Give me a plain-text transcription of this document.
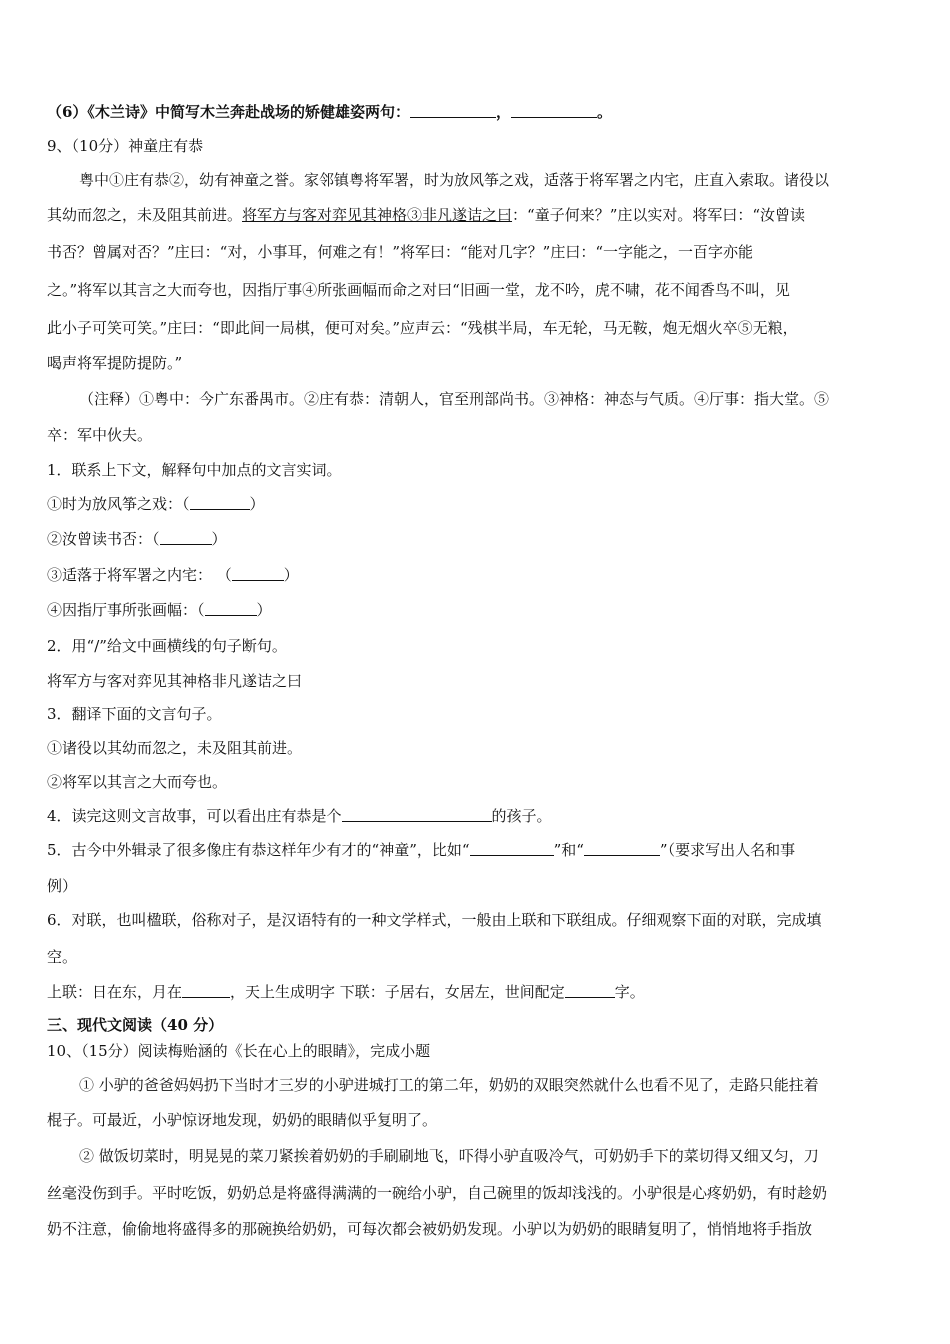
（6）《木兰诗》中简写木兰奔赴战场的矫健雄姿两句：	，	。
9、（10分）神童庄有恭
粤中①庄有恭②，幼有神童之誉。家邻镇粤将军署，时为放风筝之戏，适落于将军署之内宅，庄直入索取。诸役以
其幼而忽之，未及阻其前进。将军方与客对弈见其神格③非凡遂诘之曰：“童子何来？”庄以实对。将军曰：“汝曾读
书否？曾属对否？”庄曰：“对，小事耳，何难之有！”将军曰：“能对几字？”庄曰：“一字能之，一百字亦能
之。”将军以其言之大而夸也，因指厅事④所张画幅而命之对曰“旧画一堂，龙不吟，虎不啸，花不闻香鸟不叫，见
此小子可笑可笑。”庄曰：“即此间一局棋，便可对矣。”应声云：“残棋半局，车无轮，马无鞍，炮无烟火卒⑤无粮，
喝声将军提防提防。”
（注释）①粤中：今广东番禺市。②庄有恭：清朝人，官至刑部尚书。③神格：神态与气质。④厅事：指大堂。⑤
卒：军中伙夫。
1．联系上下文，解释句中加点的文言实词。
①时为放风筝之戏：（	）
②汝曾读书否：（	）
③适落于将军署之内宅： （	）
④因指厅事所张画幅：（	）
2．用“/”给文中画横线的句子断句。
将军方与客对弈见其神格非凡遂诘之曰
3．翻译下面的文言句子。
①诸役以其幼而忽之，未及阻其前进。
②将军以其言之大而夸也。
4．读完这则文言故事，可以看出庄有恭是个	的孩子。
5．古今中外辑录了很多像庄有恭这样年少有才的“神童”，比如“	”和“	”（要求写出人名和事
例）
6．对联，也叫楹联，俗称对子，是汉语特有的一种文学样式，一般由上联和下联组成。仔细观察下面的对联，完成填
空。
上联：日在东，月在	，天上生成明字 下联：子居右，女居左，世间配定	字。
三、现代文阅读（40 分）
10、（15分）阅读梅贻涵的《长在心上的眼睛》，完成小题
① 小驴的爸爸妈妈扔下当时才三岁的小驴进城打工的第二年，奶奶的双眼突然就什么也看不见了，走路只能拄着
棍子。可最近，小驴惊讶地发现，奶奶的眼睛似乎复明了。
② 做饭切菜时，明晃晃的菜刀紧挨着奶奶的手刷刷地飞，吓得小驴直吸冷气，可奶奶手下的菜切得又细又匀，刀
丝毫没伤到手。平时吃饭，奶奶总是将盛得满满的一碗给小驴，自己碗里的饭却浅浅的。小驴很是心疼奶奶，有时趁奶
奶不注意，偷偷地将盛得多的那碗换给奶奶，可每次都会被奶奶发现。小驴以为奶奶的眼睛复明了，悄悄地将手指放
